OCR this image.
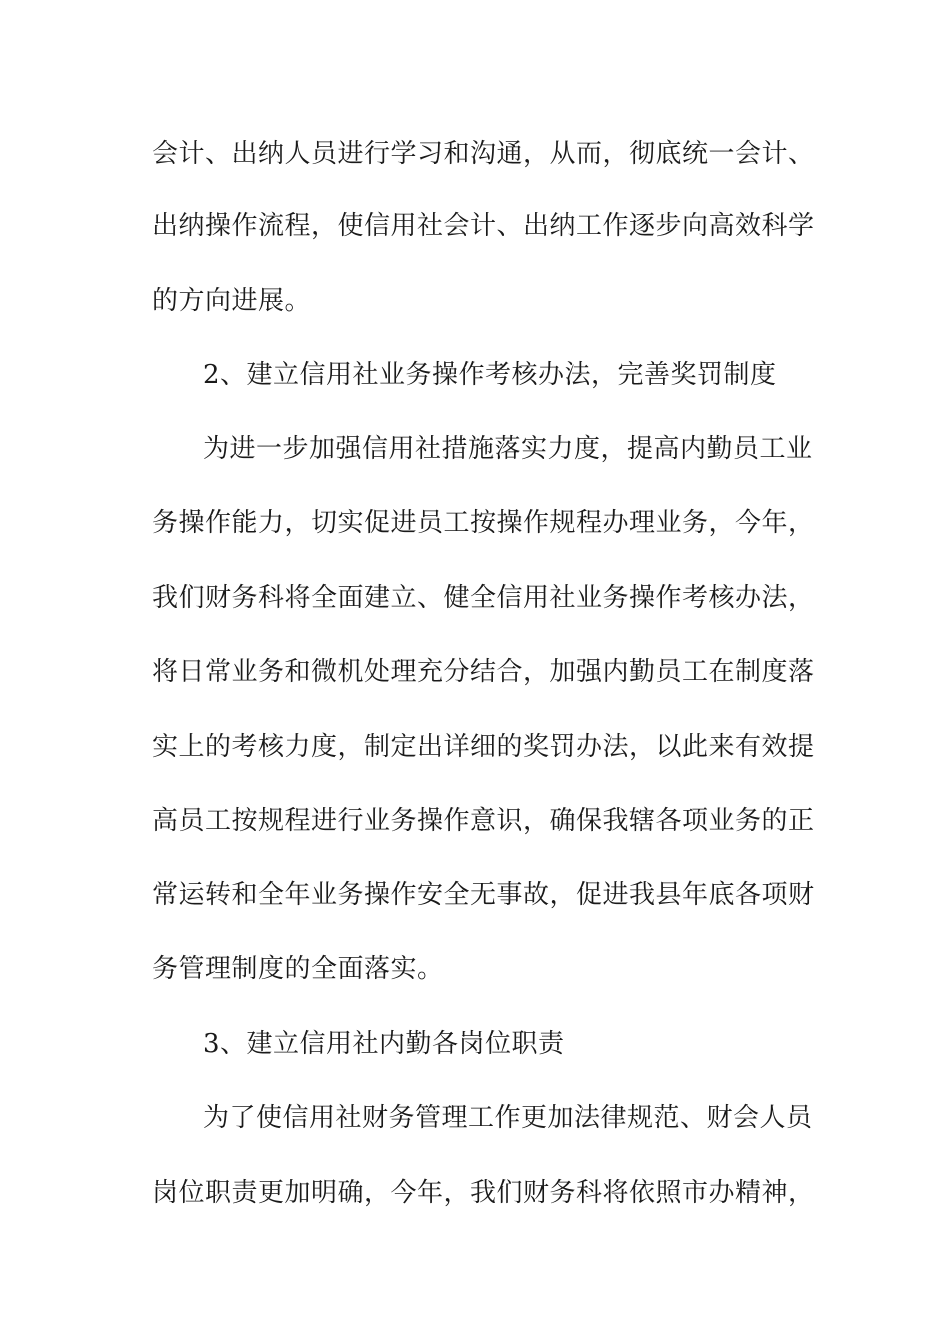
会计、出纳人员进行学习和沟通，从而，彻底统一会计、
出纳操作流程，使信用社会计、出纳工作逐步向高效科学
的方向进展。
2、建立信用社业务操作考核办法，完善奖罚制度
为进一步加强信用社措施落实力度，提高内勤员工业
务操作能力，切实促进员工按操作规程办理业务，今年，
我们财务科将全面建立、健全信用社业务操作考核办法，
将日常业务和微机处理充分结合，加强内勤员工在制度落
实上的考核力度，制定出详细的奖罚办法，以此来有效提
高员工按规程进行业务操作意识，确保我辖各项业务的正
常运转和全年业务操作安全无事故，促进我县年底各项财
务管理制度的全面落实。
3、建立信用社内勤各岗位职责
为了使信用社财务管理工作更加法律规范、财会人员
岗位职责更加明确，今年，我们财务科将依照市办精神，
